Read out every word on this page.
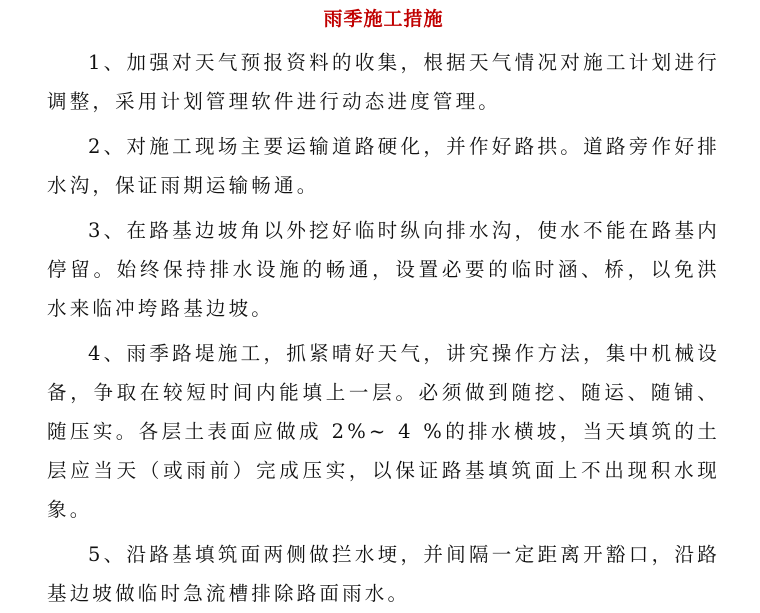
雨季施工措施

1、加强对天气预报资料的收集，根据天气情况对施工计划进行调整，采用计划管理软件进行动态进度管理。

2、对施工现场主要运输道路硬化，并作好路拱。道路旁作好排水沟，保证雨期运输畅通。

3、在路基边坡角以外挖好临时纵向排水沟，使水不能在路基内停留。始终保持排水设施的畅通，设置必要的临时涵、桥，以免洪水来临冲垮路基边坡。

4、雨季路堤施工，抓紧晴好天气，讲究操作方法，集中机械设备，争取在较短时间内能填上一层。必须做到随挖、随运、随铺、随压实。各层土表面应做成 2%~ 4 %的排水横坡，当天填筑的土层应当天（或雨前）完成压实，以保证路基填筑面上不出现积水现象。

5、沿路基填筑面两侧做拦水埂，并间隔一定距离开豁口，沿路基边坡做临时急流槽排除路面雨水。
